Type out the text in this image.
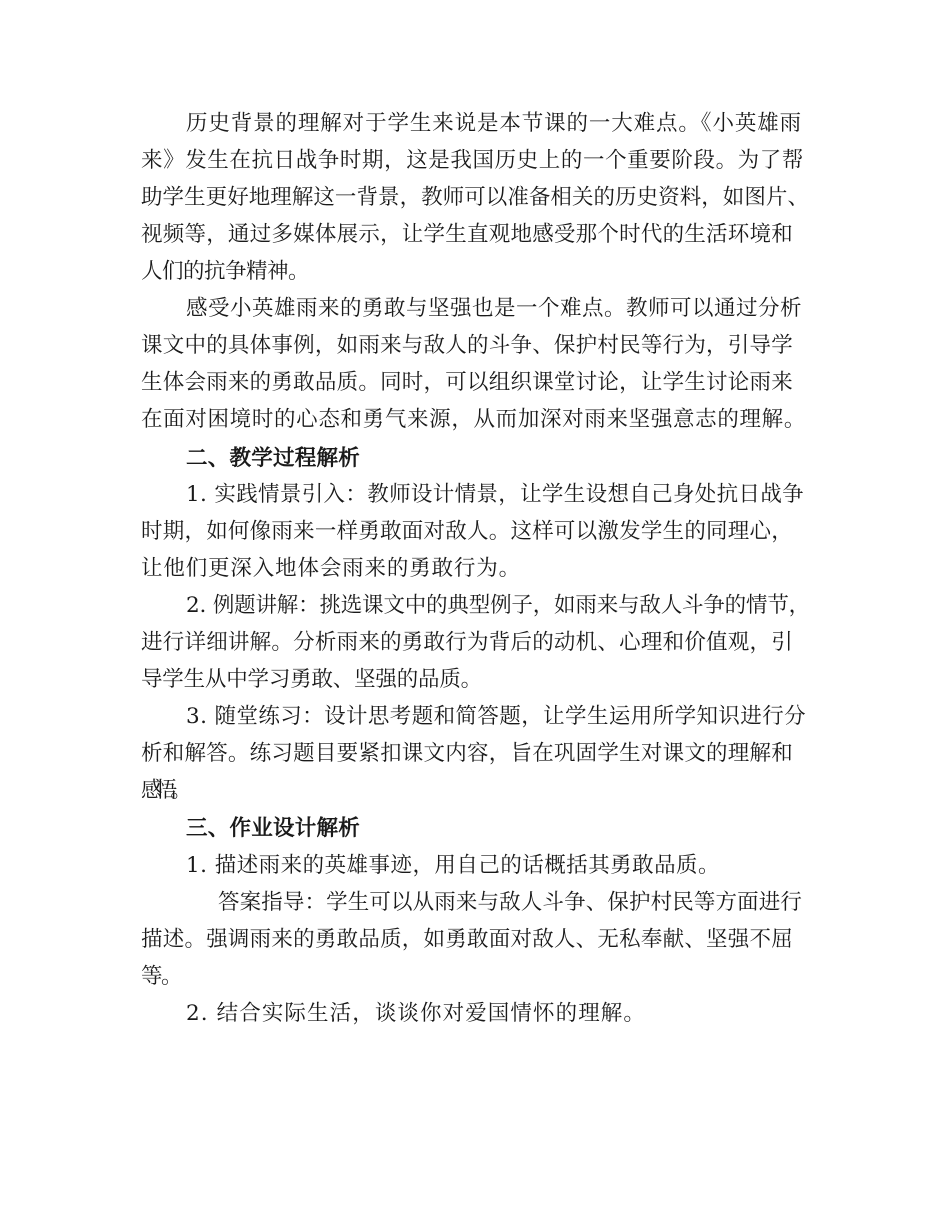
历史背景的理解对于学生来说是本节课的一大难点。《小英雄雨
来》发生在抗日战争时期，这是我国历史上的一个重要阶段。为了帮
助学生更好地理解这一背景，教师可以准备相关的历史资料，如图片、
视频等，通过多媒体展示，让学生直观地感受那个时代的生活环境和
人们的抗争精神。
感受小英雄雨来的勇敢与坚强也是一个难点。教师可以通过分析
课文中的具体事例，如雨来与敌人的斗争、保护村民等行为，引导学
生体会雨来的勇敢品质。同时，可以组织课堂讨论，让学生讨论雨来
在面对困境时的心态和勇气来源，从而加深对雨来坚强意志的理解。
二、教学过程解析
1. 实践情景引入：教师设计情景，让学生设想自己身处抗日战争
时期，如何像雨来一样勇敢面对敌人。这样可以激发学生的同理心，
让他们更深入地体会雨来的勇敢行为。
2. 例题讲解：挑选课文中的典型例子，如雨来与敌人斗争的情节，
进行详细讲解。分析雨来的勇敢行为背后的动机、心理和价值观，引
导学生从中学习勇敢、坚强的品质。
3. 随堂练习：设计思考题和简答题，让学生运用所学知识进行分
析和解答。练习题目要紧扣课文内容，旨在巩固学生对课文的理解和
感悟。
三、作业设计解析
1. 描述雨来的英雄事迹，用自己的话概括其勇敢品质。
答案指导：学生可以从雨来与敌人斗争、保护村民等方面进行
描述。强调雨来的勇敢品质，如勇敢面对敌人、无私奉献、坚强不屈
等。
2. 结合实际生活，谈谈你对爱国情怀的理解。
